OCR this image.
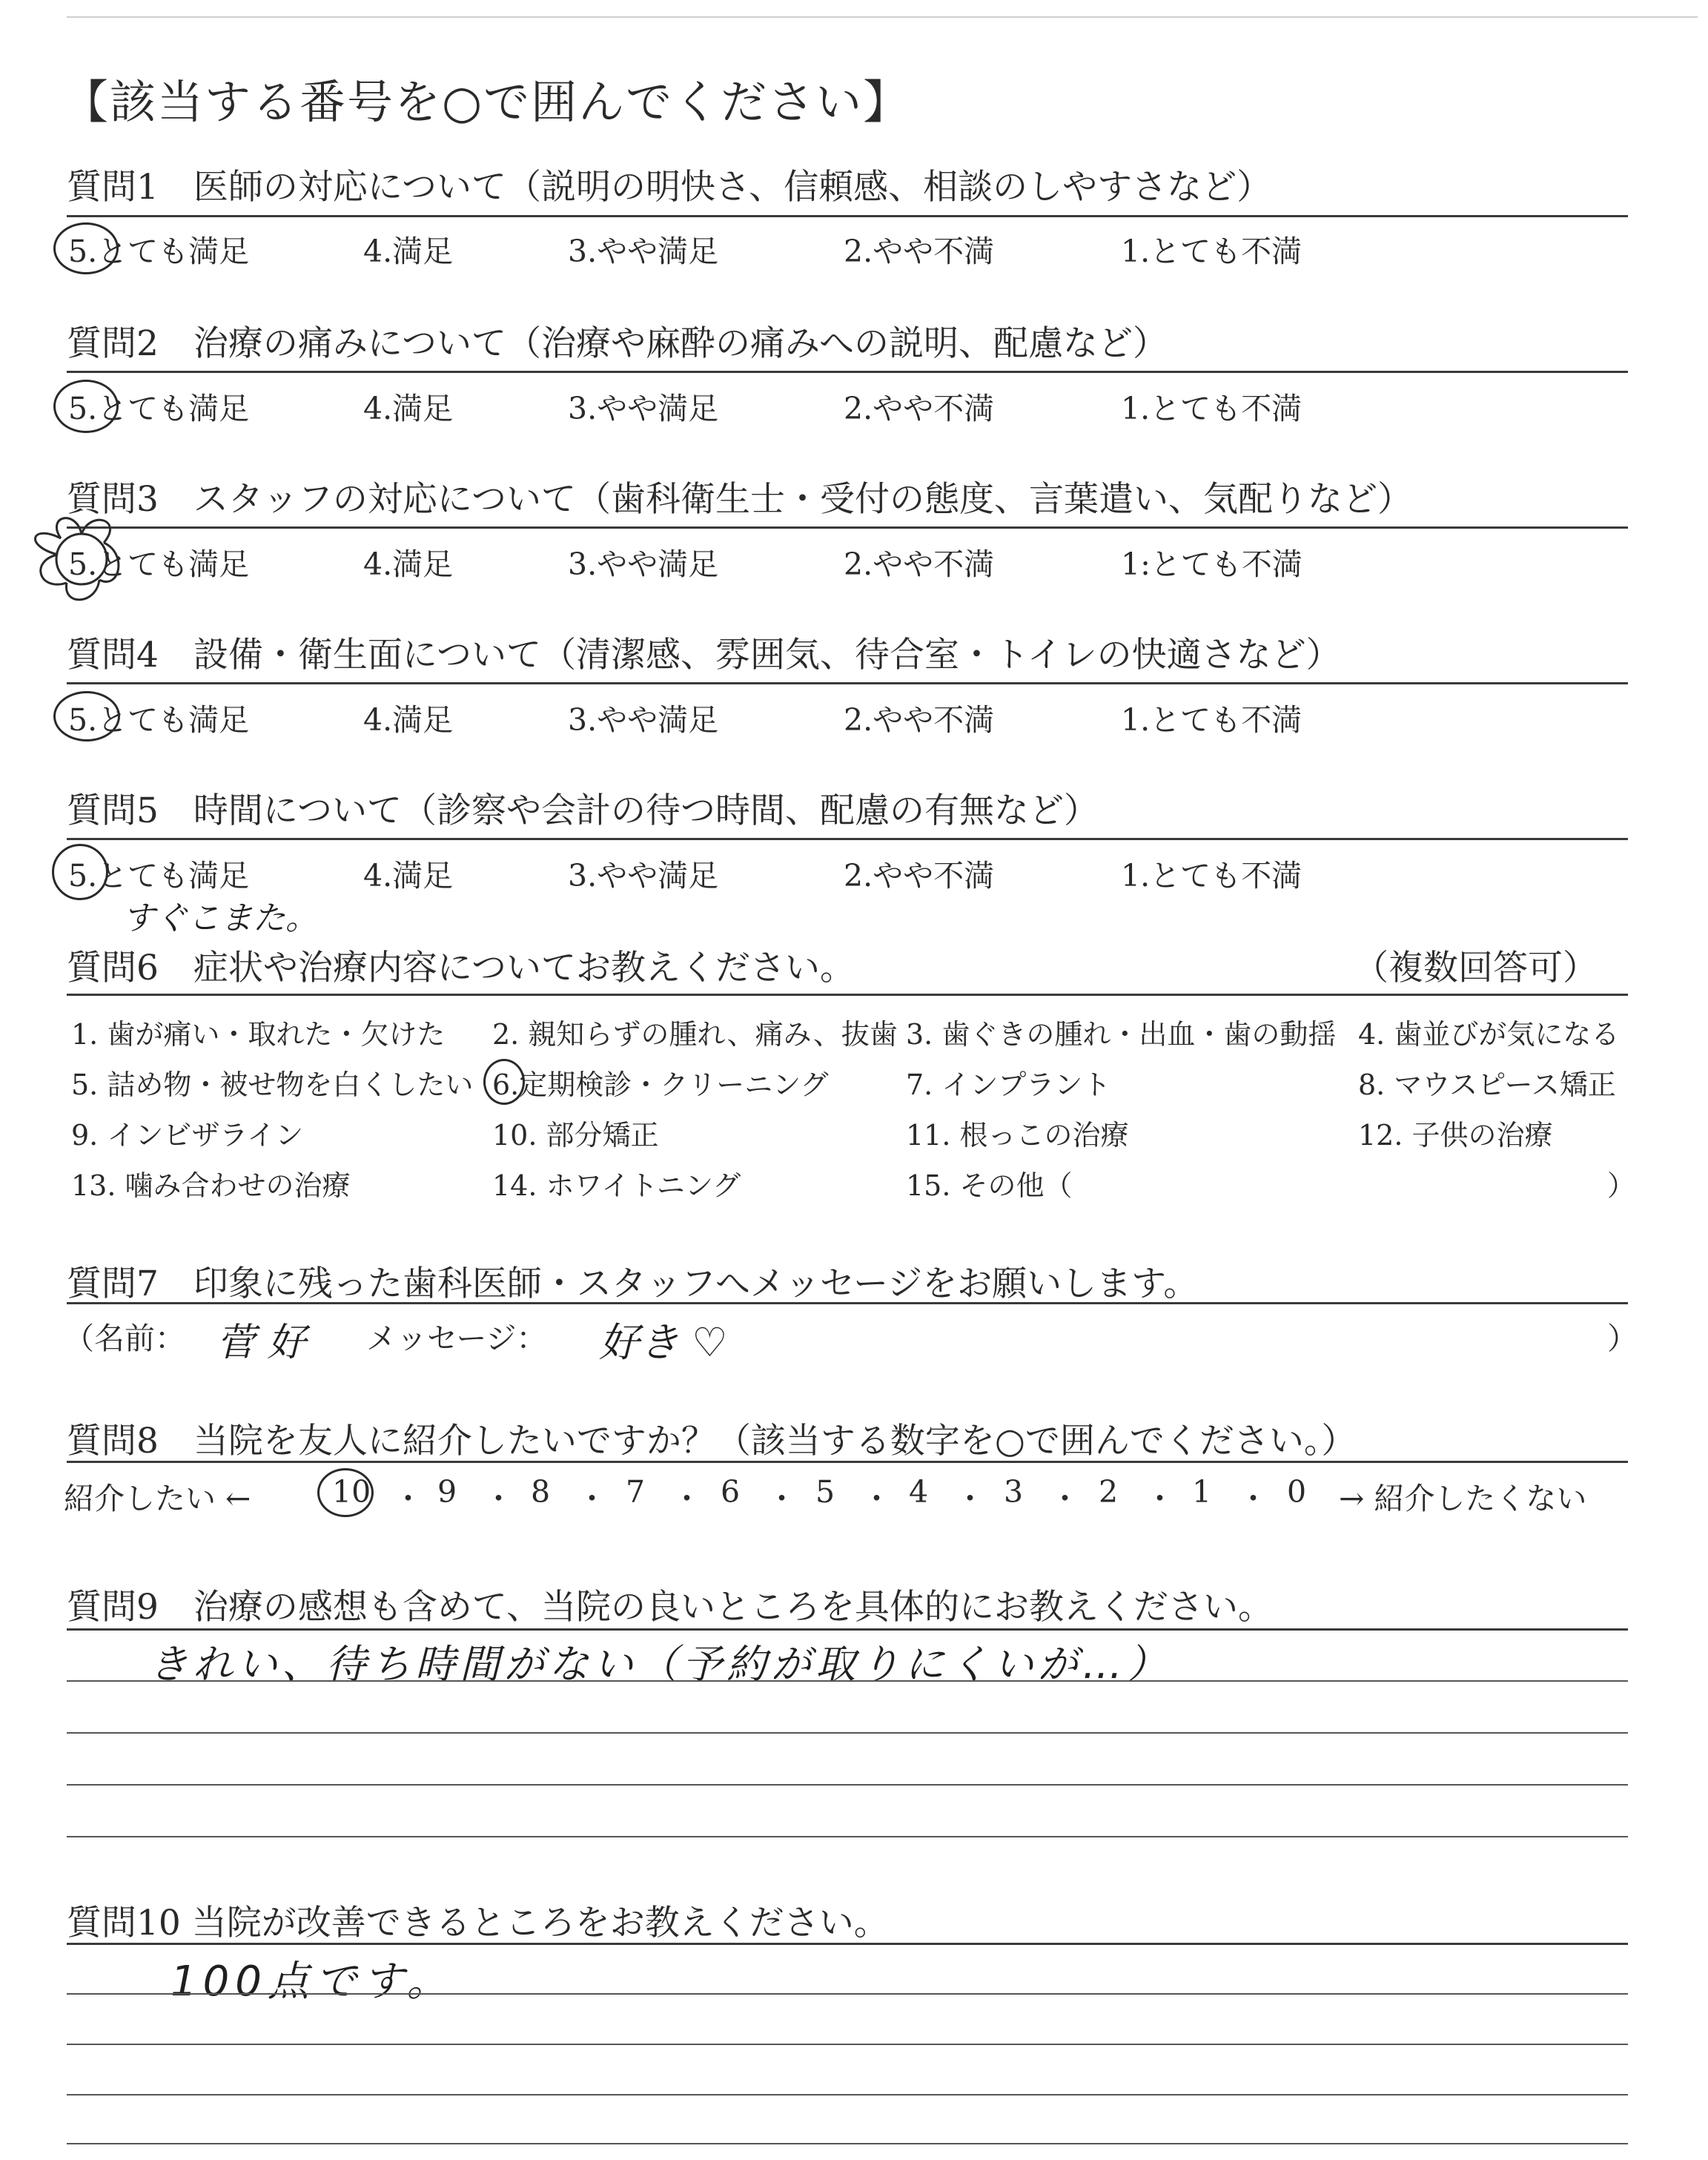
【該当する番号を○で囲んでください】
質問1　医師の対応について（説明の明快さ、信頼感、相談のしやすさなど）
5.とても満足	4.満足	3.やや満足	2.やや不満	1.とても不満
質問2　治療の痛みについて（治療や麻酔の痛みへの説明、配慮など）
5.とても満足	4.満足	3.やや満足	2.やや不満	1.とても不満
質問3　スタッフの対応について（歯科衛生士・受付の態度、言葉遣い、気配りなど）
5.とても満足	4.満足	3.やや満足	2.やや不満	1:とても不満
質問4　設備・衛生面について（清潔感、雰囲気、待合室・トイレの快適さなど）
5.とても満足	4.満足	3.やや満足	2.やや不満	1.とても不満
質問5　時間について（診察や会計の待つ時間、配慮の有無など）
5.とても満足	4.満足	3.やや満足	2.やや不満	1.とても不満
すぐこまた。
質問6　症状や治療内容についてお教えください。	（複数回答可）
1. 歯が痛い・取れた・欠けた 2. 親知らずの腫れ、痛み、抜歯 3. 歯ぐきの腫れ・出血・歯の動揺 4. 歯並びが気になる
5. 詰め物・被せ物を白くしたい 6.定期検診・クリーニング	7. インプラント	8. マウスピース矯正
9. インビザライン	10. 部分矯正	11. 根っこの治療	12. 子供の治療
13. 噛み合わせの治療	14. ホワイトニング	15. その他（	）
質問7　印象に残った歯科医師・スタッフへメッセージをお願いします。
（名前： 菅 好 メッセージ： 好き ♡	）
質問8　当院を友人に紹介したいですか？（該当する数字を○で囲んでください。）
紹介したい ←	10 ・ 9 ・ 8 ・ 7 ・ 6 ・ 5 ・ 4 ・ 3 ・ 2 ・ 1 ・ 0 → 紹介したくない
質問9　治療の感想も含めて、当院の良いところを具体的にお教えください。
きれい、待ち時間がない（予約が取りにくいが…）
質問10 当院が改善できるところをお教えください。
100点です。
